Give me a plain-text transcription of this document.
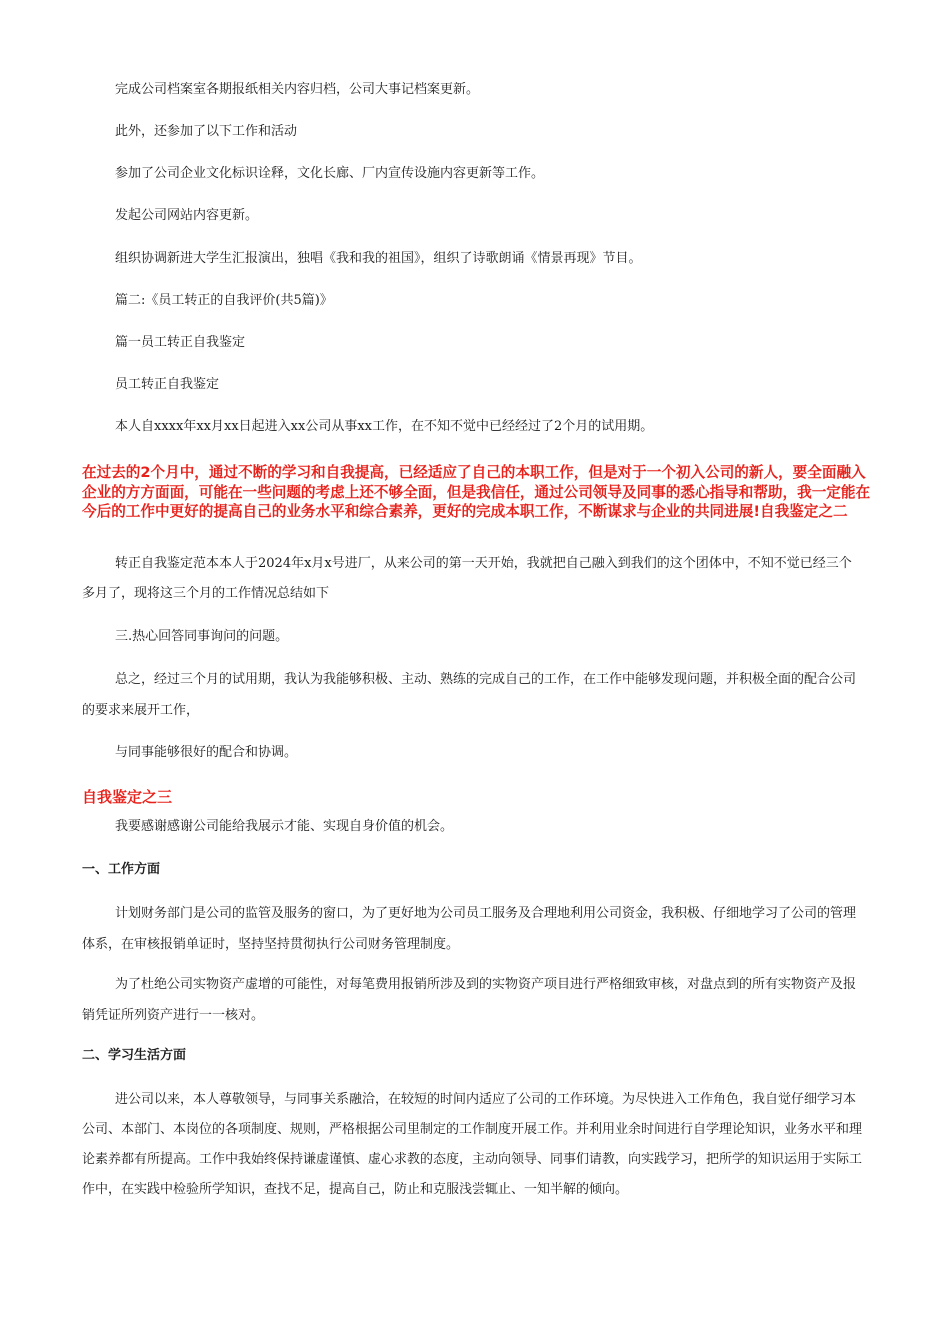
完成公司档案室各期报纸相关内容归档，公司大事记档案更新。

此外，还参加了以下工作和活动

参加了公司企业文化标识诠释，文化长廊、厂内宣传设施内容更新等工作。

发起公司网站内容更新。

组织协调新进大学生汇报演出，独唱《我和我的祖国》，组织了诗歌朗诵《情景再现》节目。

篇二:《员工转正的自我评价(共5篇)》

篇一员工转正自我鉴定

员工转正自我鉴定

本人自xxxx年xx月xx日起进入xx公司从事xx工作，在不知不觉中已经经过了2个月的试用期。

在过去的2个月中，通过不断的学习和自我提高，已经适应了自己的本职工作，但是对于一个初入公司的新人，要全面融入企业的方方面面，可能在一些问题的考虑上还不够全面，但是我信任，通过公司领导及同事的悉心指导和帮助，我一定能在今后的工作中更好的提高自己的业务水平和综合素养，更好的完成本职工作，不断谋求与企业的共同进展!自我鉴定之二

转正自我鉴定范本本人于2024年x月x号进厂，从来公司的第一天开始，我就把自己融入到我们的这个团体中，不知不觉已经三个多月了，现将这三个月的工作情况总结如下

三.热心回答同事询问的问题。

总之，经过三个月的试用期，我认为我能够积极、主动、熟练的完成自己的工作，在工作中能够发现问题，并积极全面的配合公司的要求来展开工作，

与同事能够很好的配合和协调。

自我鉴定之三

我要感谢感谢公司能给我展示才能、实现自身价值的机会。

一、工作方面

计划财务部门是公司的监管及服务的窗口，为了更好地为公司员工服务及合理地利用公司资金，我积极、仔细地学习了公司的管理体系，在审核报销单证时，坚持坚持贯彻执行公司财务管理制度。

为了杜绝公司实物资产虚增的可能性，对每笔费用报销所涉及到的实物资产项目进行严格细致审核，对盘点到的所有实物资产及报销凭证所列资产进行一一核对。

二、学习生活方面

进公司以来，本人尊敬领导，与同事关系融洽，在较短的时间内适应了公司的工作环境。为尽快进入工作角色，我自觉仔细学习本公司、本部门、本岗位的各项制度、规则，严格根据公司里制定的工作制度开展工作。并利用业余时间进行自学理论知识，业务水平和理论素养都有所提高。工作中我始终保持谦虚谨慎、虚心求教的态度，主动向领导、同事们请教，向实践学习，把所学的知识运用于实际工作中，在实践中检验所学知识，查找不足，提高自己，防止和克服浅尝辄止、一知半解的倾向。
